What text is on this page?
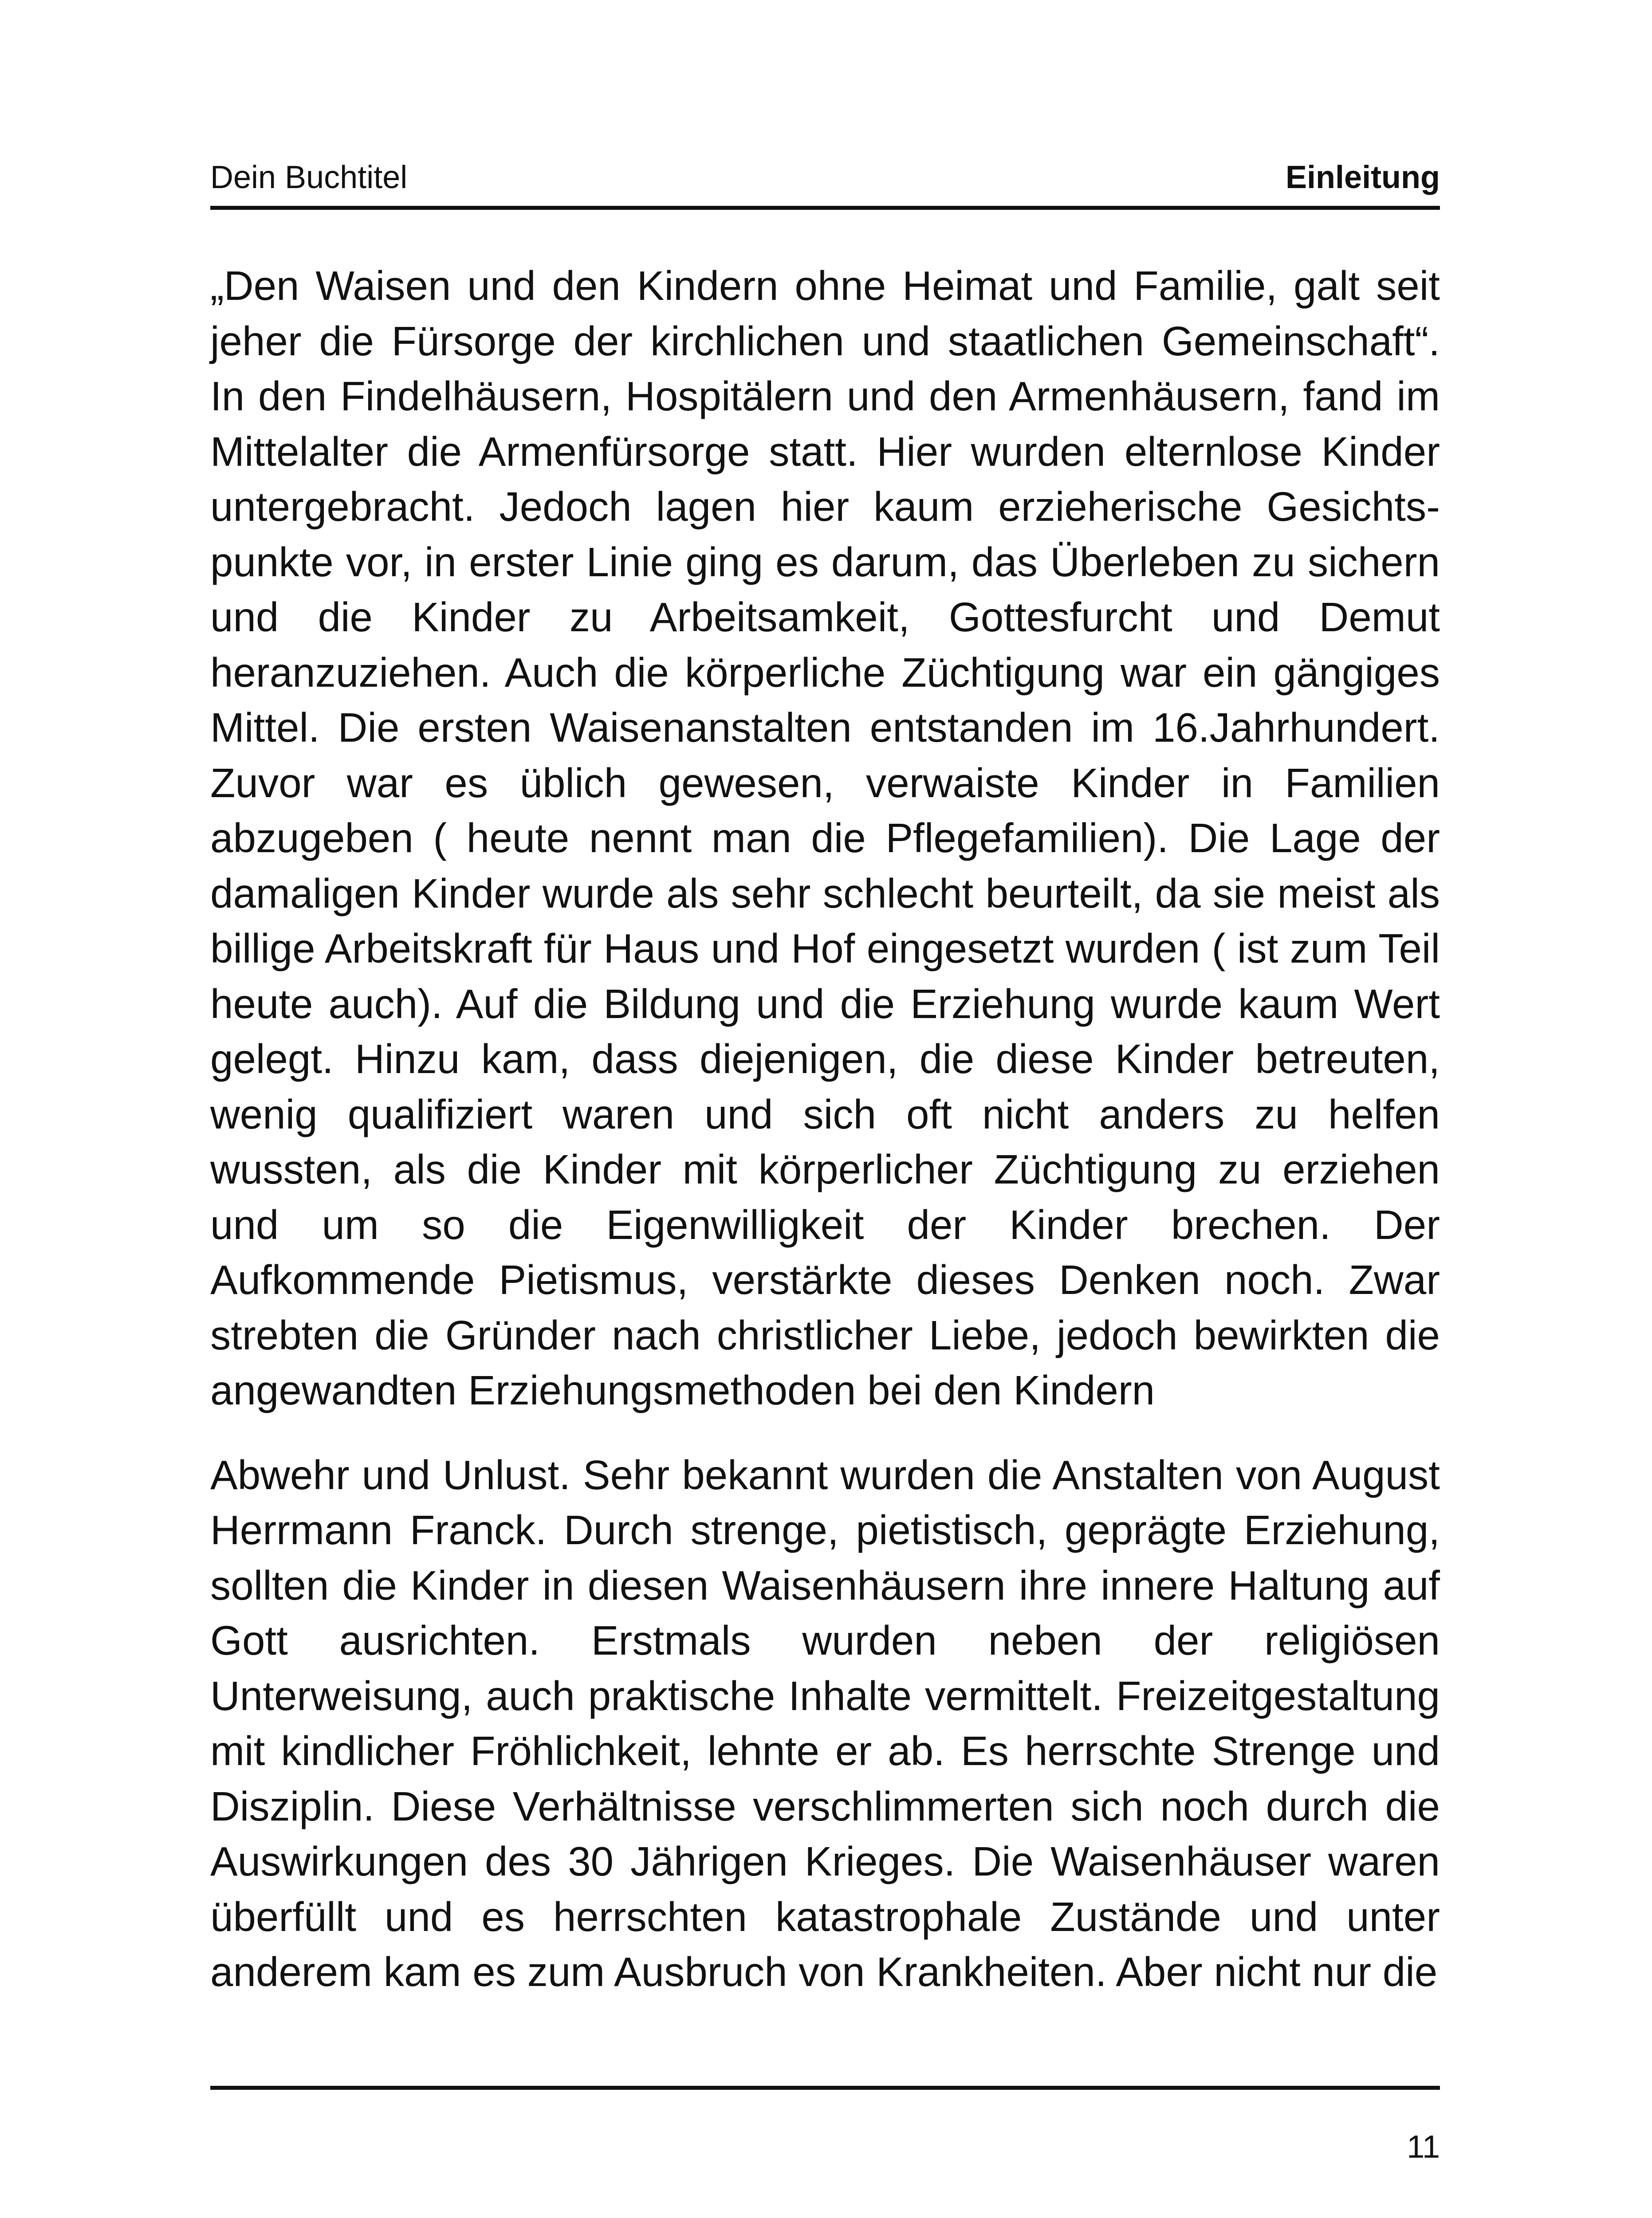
Dein Buchtitel	Einleitung

„Den Waisen und den Kindern ohne Heimat und Familie, galt seit jeher die Fürsorge der kirchlichen und staatlichen Gemeinschaft“. In den Findelhäusern, Hospitälern und den Armenhäusern, fand im Mittelalter die Armenfürsorge statt. Hier wurden elternlose Kinder untergebracht. Jedoch lagen hier kaum erzieherische Gesichtspunkte vor, in erster Linie ging es darum, das Überleben zu sichern und die Kinder zu Arbeitsamkeit, Gottesfurcht und Demut heranzuziehen. Auch die körperliche Züchtigung war ein gängiges Mittel. Die ersten Waisenanstalten entstanden im 16.Jahrhundert. Zuvor war es üblich gewesen, verwaiste Kinder in Familien abzugeben ( heute nennt man die Pflegefamilien). Die Lage der damaligen Kinder wurde als sehr schlecht beurteilt, da sie meist als billige Arbeitskraft für Haus und Hof eingesetzt wurden ( ist zum Teil heute auch). Auf die Bildung und die Erziehung wurde kaum Wert gelegt. Hinzu kam, dass diejenigen, die diese Kinder betreuten, wenig qualifiziert waren und sich oft nicht anders zu helfen wussten, als die Kinder mit körperlicher Züchtigung zu erziehen und um so die Eigenwilligkeit der Kinder brechen. Der Aufkommende Pietismus, verstärkte dieses Denken noch. Zwar strebten die Gründer nach christlicher Liebe, jedoch bewirkten die angewandten Erziehungsmethoden bei den Kindern

Abwehr und Unlust. Sehr bekannt wurden die Anstalten von August Herrmann Franck. Durch strenge, pietistisch, geprägte Erziehung, sollten die Kinder in diesen Waisenhäusern ihre innere Haltung auf Gott ausrichten. Erstmals wurden neben der religiösen Unterweisung, auch praktische Inhalte vermittelt. Freizeitgestaltung mit kindlicher Fröhlichkeit, lehnte er ab. Es herrschte Strenge und Disziplin. Diese Verhältnisse verschlimmerten sich noch durch die Auswirkungen des 30 Jährigen Krieges. Die Waisenhäuser waren überfüllt und es herrschten katastrophale Zustände und unter anderem kam es zum Ausbruch von Krankheiten. Aber nicht nur die

11
